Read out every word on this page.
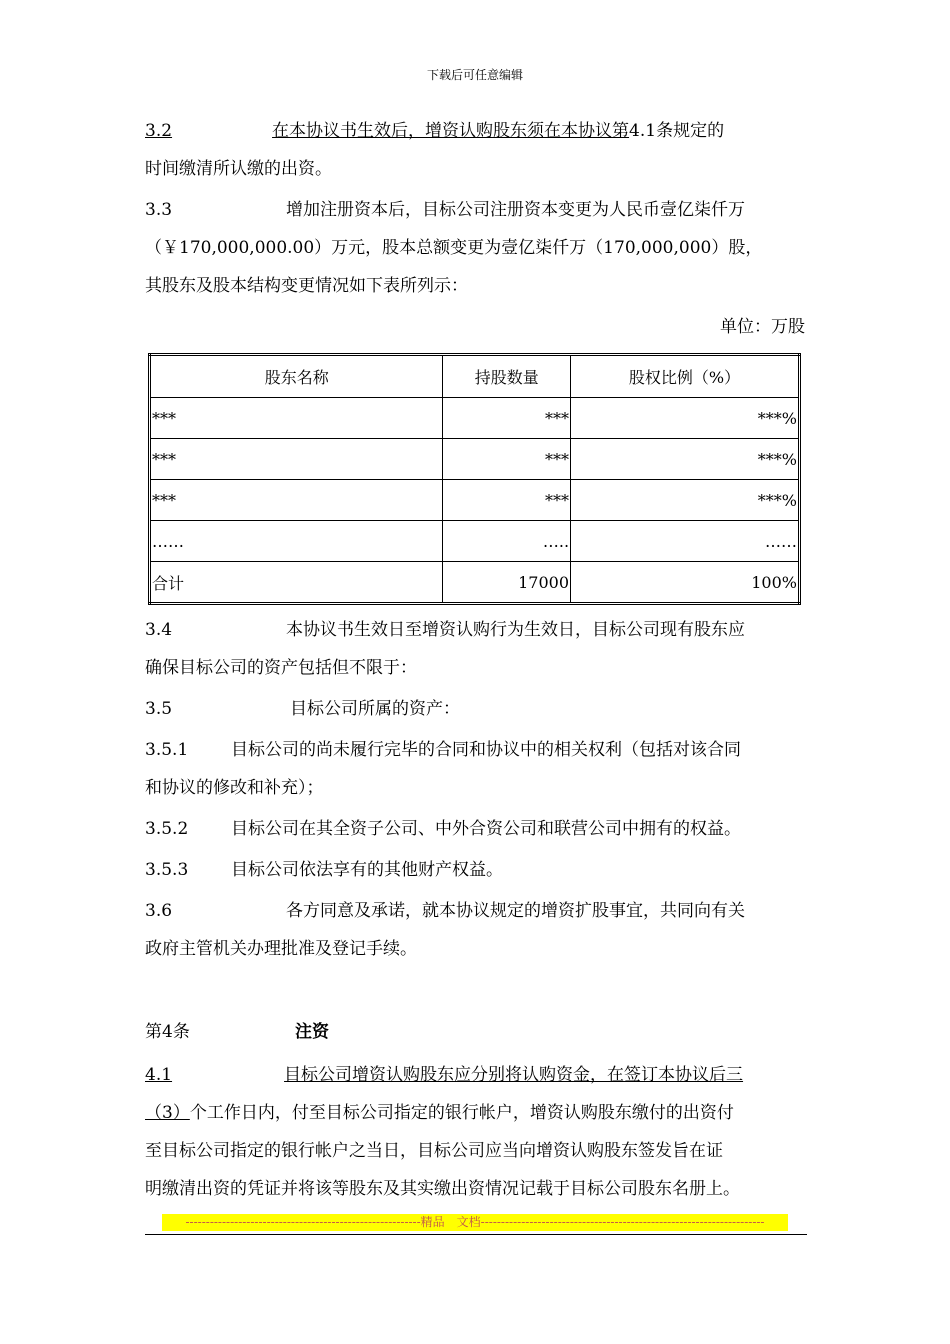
下载后可任意编辑
3.2	在本协议书生效后，增资认购股东须在本协议第4.1条规定的
时间缴清所认缴的出资。
3.3	增加注册资本后，目标公司注册资本变更为人民币壹亿柒仟万
（￥170,000,000.00）万元，股本总额变更为壹亿柒仟万（170,000,000）股，
其股东及股本结构变更情况如下表所列示：
单位：万股
股东名称	持股数量	股权比例（%）
***	***	***%
***	***	***%
***	***	***%
……	…..	……
合计	17000	100%
3.4	本协议书生效日至增资认购行为生效日，目标公司现有股东应
确保目标公司的资产包括但不限于：
3.5	目标公司所属的资产：
3.5.1	目标公司的尚未履行完毕的合同和协议中的相关权利（包括对该合同
和协议的修改和补充）；
3.5.2	目标公司在其全资子公司、中外合资公司和联营公司中拥有的权益。
3.5.3	目标公司依法享有的其他财产权益。
3.6	各方同意及承诺，就本协议规定的增资扩股事宜，共同向有关
政府主管机关办理批准及登记手续。
第4条	注资
4.1	目标公司增资认购股东应分别将认购资金，在签订本协议后三
（3）个工作日内，付至目标公司指定的银行帐户，增资认购股东缴付的出资付
至目标公司指定的银行帐户之当日，目标公司应当向增资认购股东签发旨在证
明缴清出资的凭证并将该等股东及其实缴出资情况记载于目标公司股东名册上。
----------------------------------------------------------精品　文档----------------------------------------------------------------------
